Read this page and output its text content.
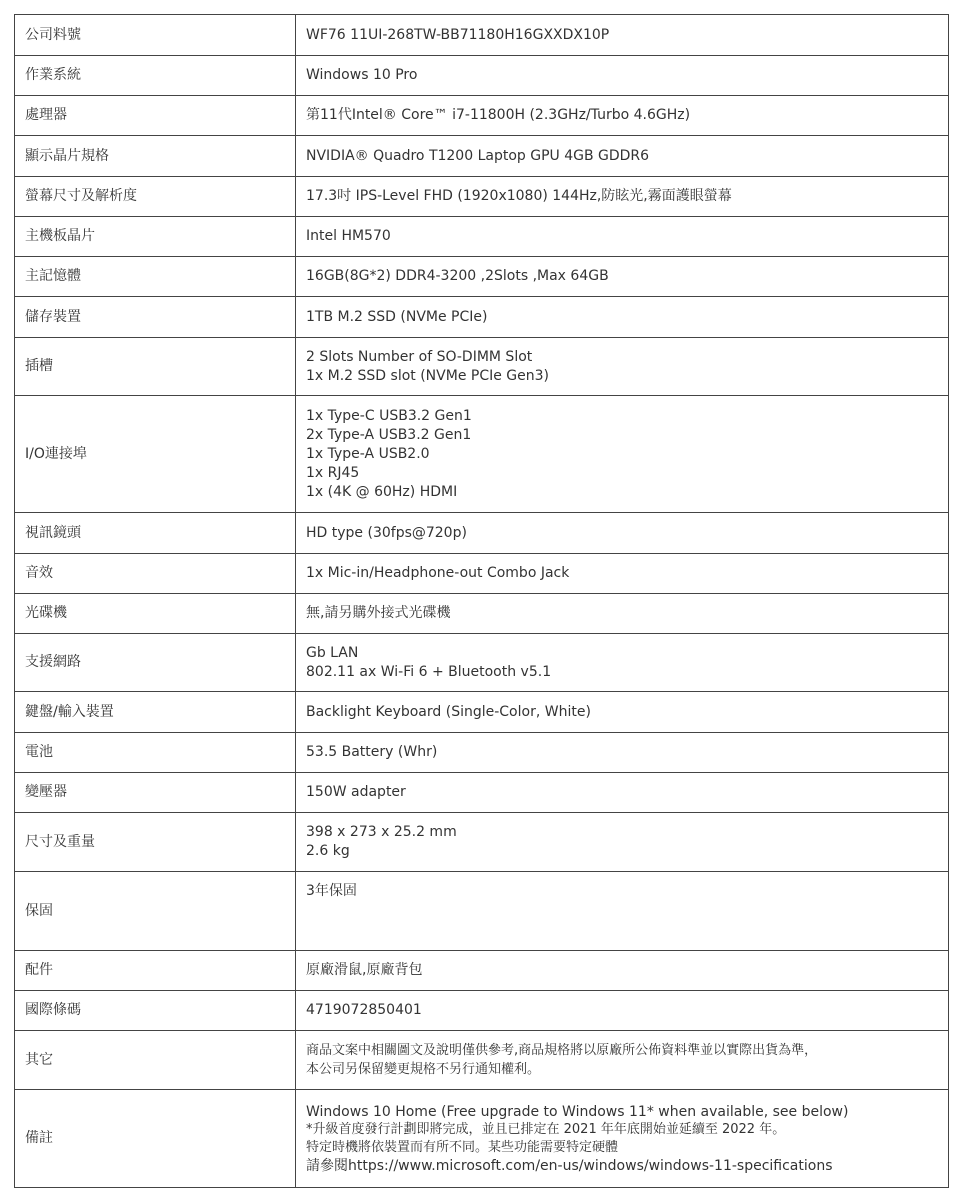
公司料號	WF76 11UI-268TW-BB71180H16GXXDX10P

作業系統	Windows 10 Pro

處理器	第11代Intel® Core™ i7-11800H (2.3GHz/Turbo 4.6GHz)

顯示晶片規格	NVIDIA® Quadro T1200 Laptop GPU 4GB GDDR6

螢幕尺寸及解析度	17.3吋 IPS-Level FHD (1920x1080) 144Hz,防眩光,霧面護眼螢幕

主機板晶片	Intel HM570

主記憶體	16GB(8G*2) DDR4-3200 ,2Slots ,Max 64GB

儲存裝置	1TB M.2 SSD (NVMe PCIe)

插槽	2 Slots Number of SO-DIMM Slot
1x M.2 SSD slot (NVMe PCIe Gen3)

I/O連接埠	1x Type-C USB3.2 Gen1
2x Type-A USB3.2 Gen1
1x Type-A USB2.0
1x RJ45
1x (4K @ 60Hz) HDMI

視訊鏡頭	HD type (30fps@720p)

音效	1x Mic-in/Headphone-out Combo Jack

光碟機	無,請另購外接式光碟機

支援網路	Gb LAN
802.11 ax Wi-Fi 6 + Bluetooth v5.1

鍵盤/輸入裝置	Backlight Keyboard (Single-Color, White)

電池	53.5 Battery (Whr)

變壓器	150W adapter

尺寸及重量	398 x 273 x 25.2 mm
2.6 kg

保固	3年保固

配件	原廠滑鼠,原廠背包

國際條碼	4719072850401

其它	商品文案中相關圖文及說明僅供參考,商品規格將以原廠所公佈資料準並以實際出貨為準，
本公司另保留變更規格不另行通知權利。

備註	Windows 10 Home (Free upgrade to Windows 11* when available, see below)
*升級首度發行計劃即將完成，並且已排定在 2021 年年底開始並延續至 2022 年。
特定時機將依裝置而有所不同。某些功能需要特定硬體
請參閱https://www.microsoft.com/en-us/windows/windows-11-specifications
